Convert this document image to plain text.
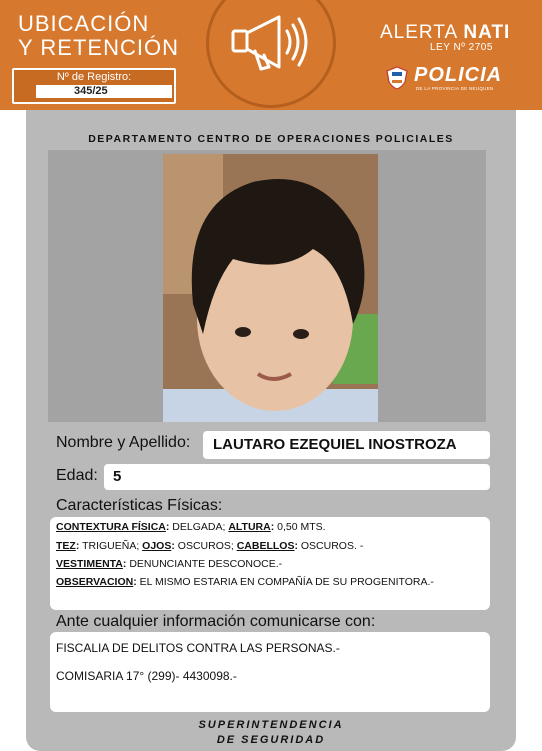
UBICACIÓN
Y RETENCIÓN
Nº de Registro:
345/25
ALERTA NATI
LEY Nº 2705
POLICIA
DE LA PROVINCIA DE NEUQUEN
DEPARTAMENTO CENTRO DE OPERACIONES POLICIALES
Nombre y Apellido: LAUTARO EZEQUIEL INOSTROZA
Edad: 5
Características Físicas:
CONTEXTURA FÍSICA: DELGADA; ALTURA: 0,50 MTS.
TEZ: TRIGUEÑA; OJOS: OSCUROS; CABELLOS: OSCUROS. -
VESTIMENTA: DENUNCIANTE DESCONOCE.-
OBSERVACION: EL MISMO ESTARIA EN COMPAÑÍA DE SU PROGENITORA.-
Ante cualquier información comunicarse con:
FISCALIA DE DELITOS CONTRA LAS PERSONAS.-
COMISARIA 17° (299)- 4430098.-
SUPERINTENDENCIA
DE SEGURIDAD
